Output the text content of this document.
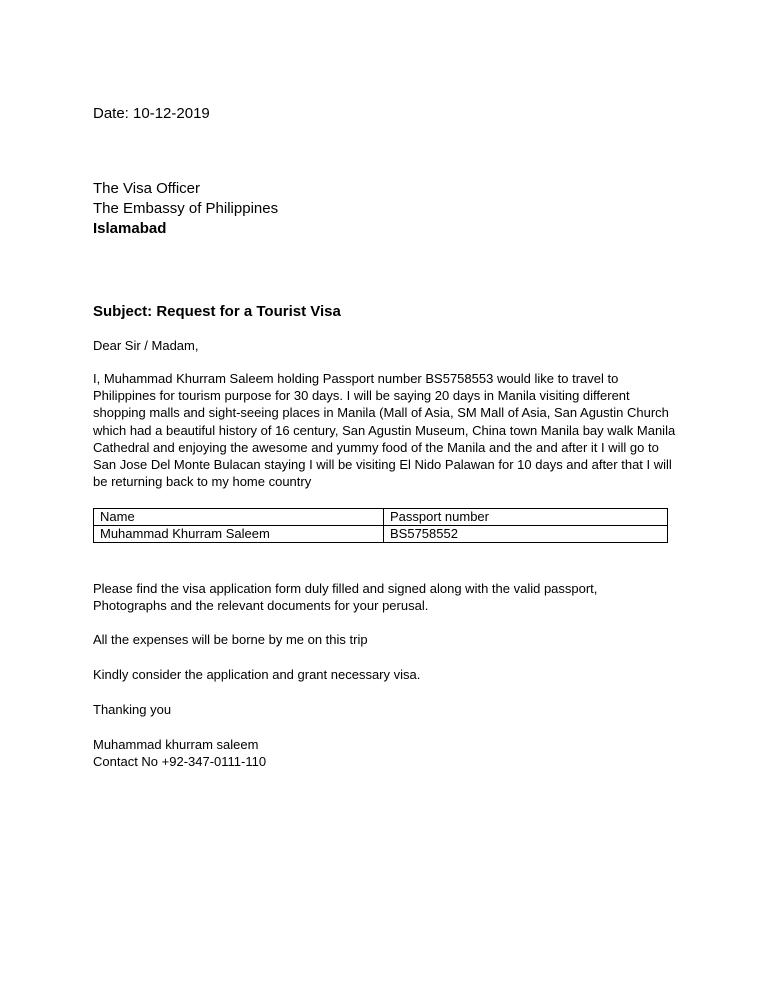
Date: 10-12-2019
The Visa Officer
The Embassy of Philippines
Islamabad
Subject: Request for a Tourist Visa
Dear Sir / Madam,
I, Muhammad Khurram Saleem holding Passport number BS5758553 would like to travel to Philippines for tourism purpose for 30 days. I will be saying 20 days in Manila visiting different shopping malls and sight-seeing places in Manila (Mall of Asia, SM Mall of Asia, San Agustin Church which had a beautiful history of 16 century, San Agustin Museum, China town Manila bay walk Manila Cathedral and enjoying the awesome and yummy food of the Manila and the and after it I will go to San Jose Del Monte Bulacan staying I will be visiting El Nido Palawan for 10 days and after that I will be returning back to my home country
Name	Passport number
Muhammad Khurram Saleem	BS5758552
Please find the visa application form duly filled and signed along with the valid passport,
Photographs and the relevant documents for your perusal.
All the expenses will be borne by me on this trip
Kindly consider the application and grant necessary visa.
Thanking you
Muhammad khurram saleem
Contact No +92-347-0111-110
